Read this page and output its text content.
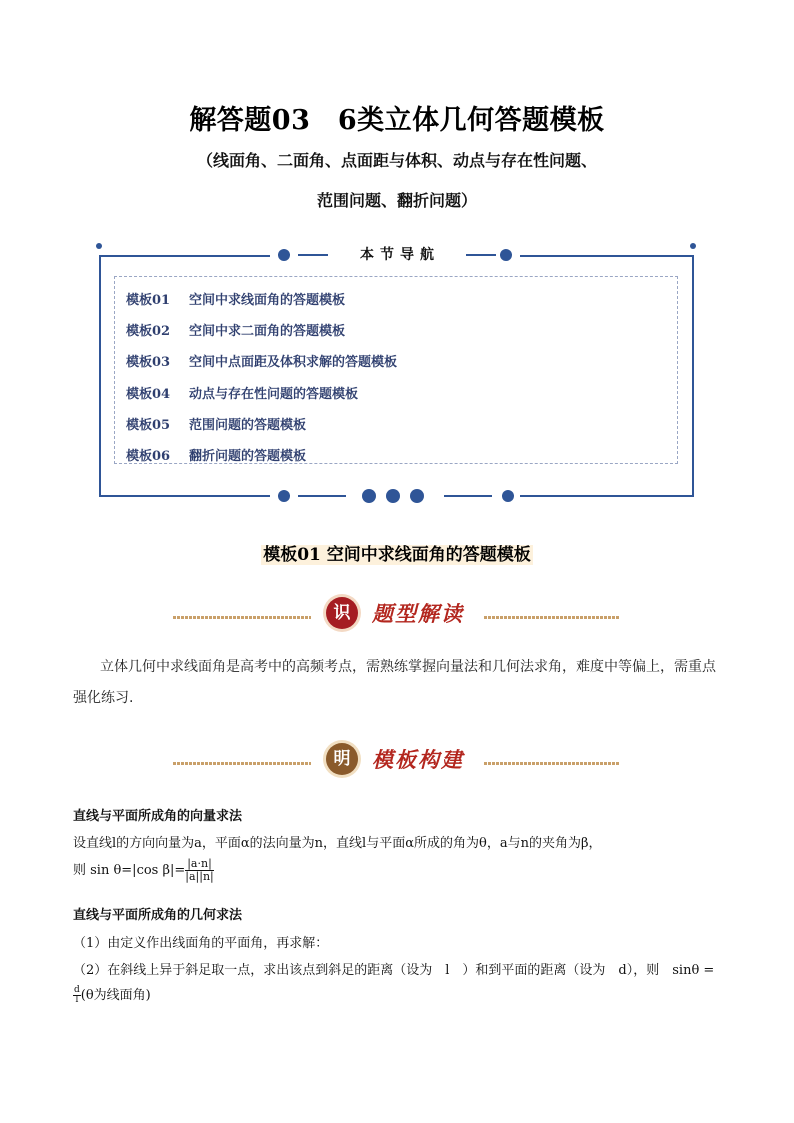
解答题03　6类立体几何答题模板
（线面角、二面角、点面距与体积、动点与存在性问题、
范围问题、翻折问题）
本节导航
模板01 空间中求线面角的答题模板
模板02 空间中求二面角的答题模板
模板03 空间中点面距及体积求解的答题模板
模板04 动点与存在性问题的答题模板
模板05 范围问题的答题模板
模板06 翻折问题的答题模板
模板01 空间中求线面角的答题模板
识	题型解读
立体几何中求线面角是高考中的高频考点，需熟练掌握向量法和几何法求角，难度中等偏上，需重点
强化练习.
明	模板构建
直线与平面所成角的向量求法
设直线l的方向向量为a，平面α的法向量为n，直线l与平面α所成的角为θ，a与n的夹角为β，
则 sin θ=|cos $\beta|= \frac{|a\cdot n|}{|a||n|}$
直线与平面所成角的几何求法
（1）由定义作出线面角的平面角，再求解：
（2）在斜线上异于斜足取一点，求出该点到斜足的距离（设为　l　）和到平面的距离（设为　d），则　sinθ =
$\frac{d}{l} (\theta$为线面角)
